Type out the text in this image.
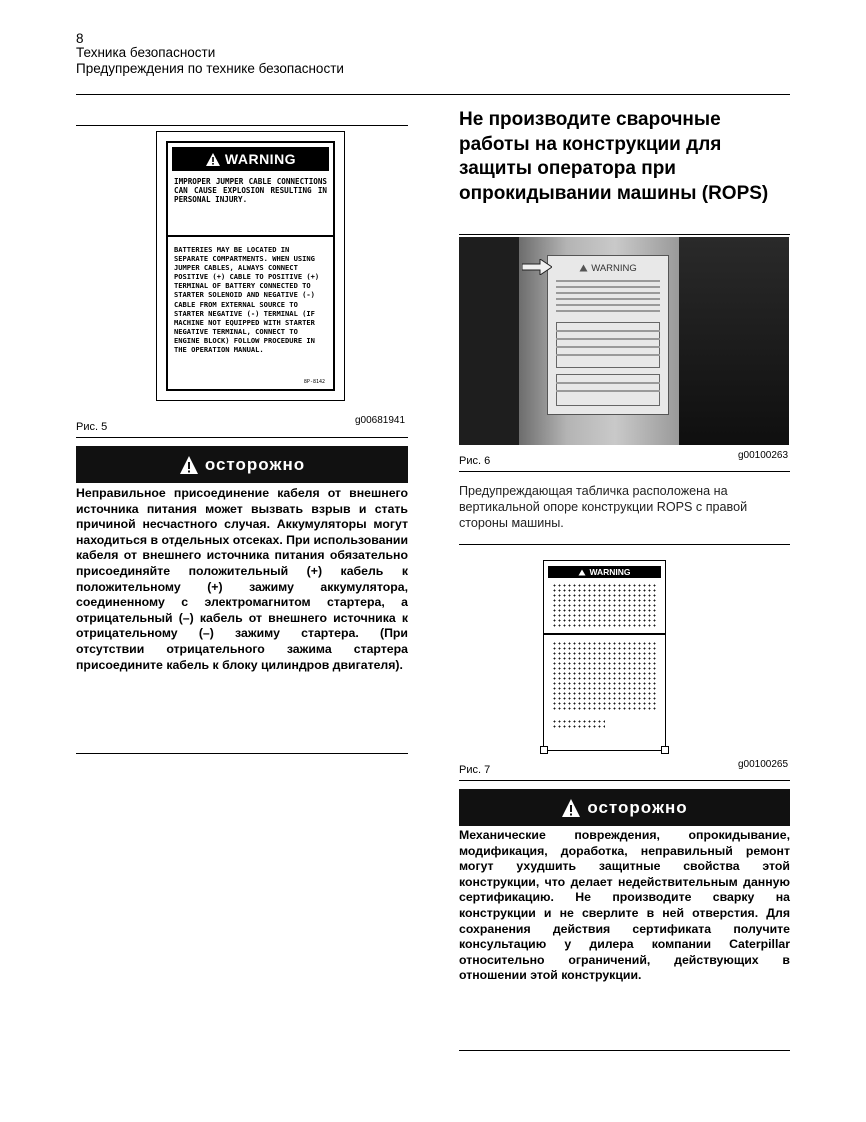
8
Техника безопасности
Предупреждения по технике безопасности
WARNING
IMPROPER JUMPER CABLE CONNECTIONS CAN CAUSE EXPLOSION RESULTING IN PERSONAL INJURY.
BATTERIES MAY BE LOCATED IN SEPARATE COMPARTMENTS. WHEN USING JUMPER CABLES, ALWAYS CONNECT POSITIVE (+) CABLE TO POSITIVE (+) TERMINAL OF BATTERY CONNECTED TO STARTER SOLENOID AND NEGATIVE (-) CABLE FROM EXTERNAL SOURCE TO STARTER NEGATIVE (-) TERMINAL (IF MACHINE NOT EQUIPPED WITH STARTER NEGATIVE TERMINAL, CONNECT TO ENGINE BLOCK) FOLLOW PROCEDURE IN THE OPERATION MANUAL.
8P-8142
Рис. 5
g00681941
осторожно

Неправильное присоединение кабеля от внешнего источника питания может вызвать взрыв и стать причиной несчастного случая. Аккумуляторы могут находиться в отдельных отсеках. При использовании кабеля от внешнего источника питания обязательно присоединяйте положительный (+) кабель к положительному (+) зажиму аккумулятора, соединенному с электромагнитом стартера, а отрицательный (–) кабель от внешнего источника к отрицательному (–) зажиму стартера. (При отсутствии отрицательного зажима стартера присоедините кабель к блоку цилиндров двигателя).

Не производите сварочные работы на конструкции для защиты оператора при опрокидывании машины (ROPS)
WARNING
Рис. 6	g00100263
Предупреждающая табличка расположена на вертикальной опоре конструкции ROPS с правой стороны машины.
WARNING
Рис. 7	g00100265
осторожно

Механические повреждения, опрокидывание, модификация, доработка, неправильный ремонт могут ухудшить защитные свойства этой конструкции, что делает недействительным данную сертификацию. Не производите сварку на конструкции и не сверлите в ней отверстия. Для сохранения действия сертификата получите консультацию у дилера компании Caterpillar относительно ограничений, действующих в отношении этой конструкции.
